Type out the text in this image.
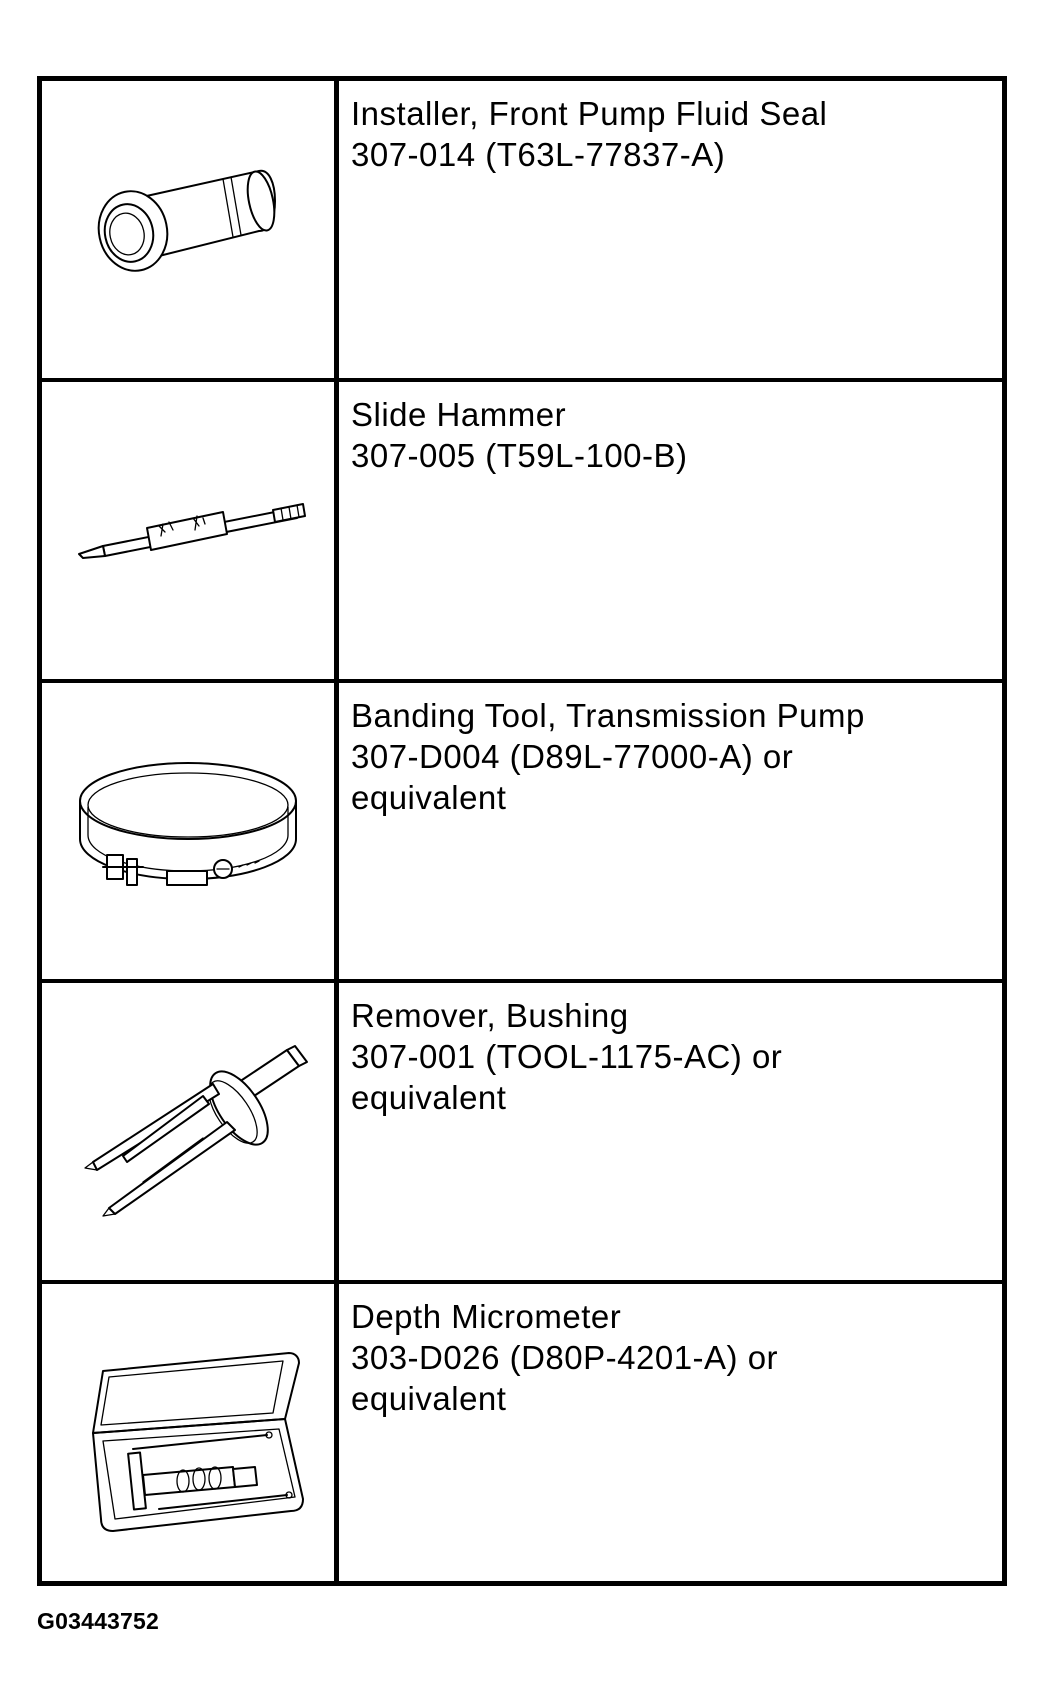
Installer, Front Pump Fluid Seal
307-014 (T63L-77837-A)
Slide Hammer
307-005 (T59L-100-B)
Banding Tool, Transmission Pump
307-D004 (D89L-77000-A) or
equivalent
Remover, Bushing
307-001 (TOOL-1175-AC) or
equivalent
Depth Micrometer
303-D026 (D80P-4201-A) or
equivalent
G03443752
